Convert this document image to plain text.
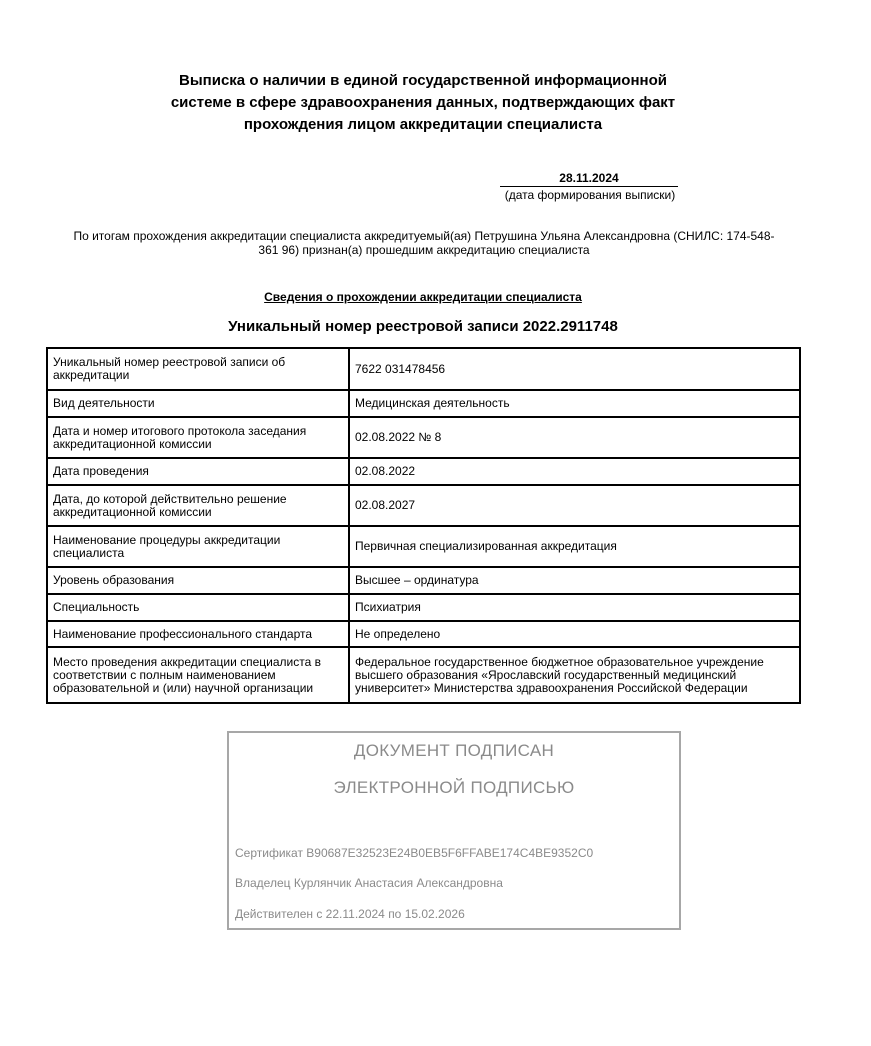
Выписка о наличии в единой государственной информационной
системе в сфере здравоохранения данных, подтверждающих факт
прохождения лицом аккредитации специалиста
28.11.2024
(дата формирования выписки)
По итогам прохождения аккредитации специалиста аккредитуемый(ая) Петрушина Ульяна Александровна (СНИЛС: 174-548-
361 96) признан(а) прошедшим аккредитацию специалиста
Сведения о прохождении аккредитации специалиста
Уникальный номер реестровой записи 2022.2911748
Уникальный номер реестровой записи об аккредитации	7622 031478456
Вид деятельности	Медицинская деятельность
Дата и номер итогового протокола заседания аккредитационной комиссии	02.08.2022 № 8
Дата проведения	02.08.2022
Дата, до которой действительно решение аккредитационной комиссии	02.08.2027
Наименование процедуры аккредитации специалиста	Первичная специализированная аккредитация
Уровень образования	Высшее – ординатура
Специальность	Психиатрия
Наименование профессионального стандарта	Не определено
Место проведения аккредитации специалиста в соответствии с полным наименованием образовательной и (или) научной организации	Федеральное государственное бюджетное образовательное учреждение высшего образования «Ярославский государственный медицинский университет» Министерства здравоохранения Российской Федерации
ДОКУМЕНТ ПОДПИСАН
ЭЛЕКТРОННОЙ ПОДПИСЬЮ
Сертификат B90687E32523E24B0EB5F6FFABE174C4BE9352C0
Владелец Курлянчик Анастасия Александровна
Действителен с 22.11.2024 по 15.02.2026
